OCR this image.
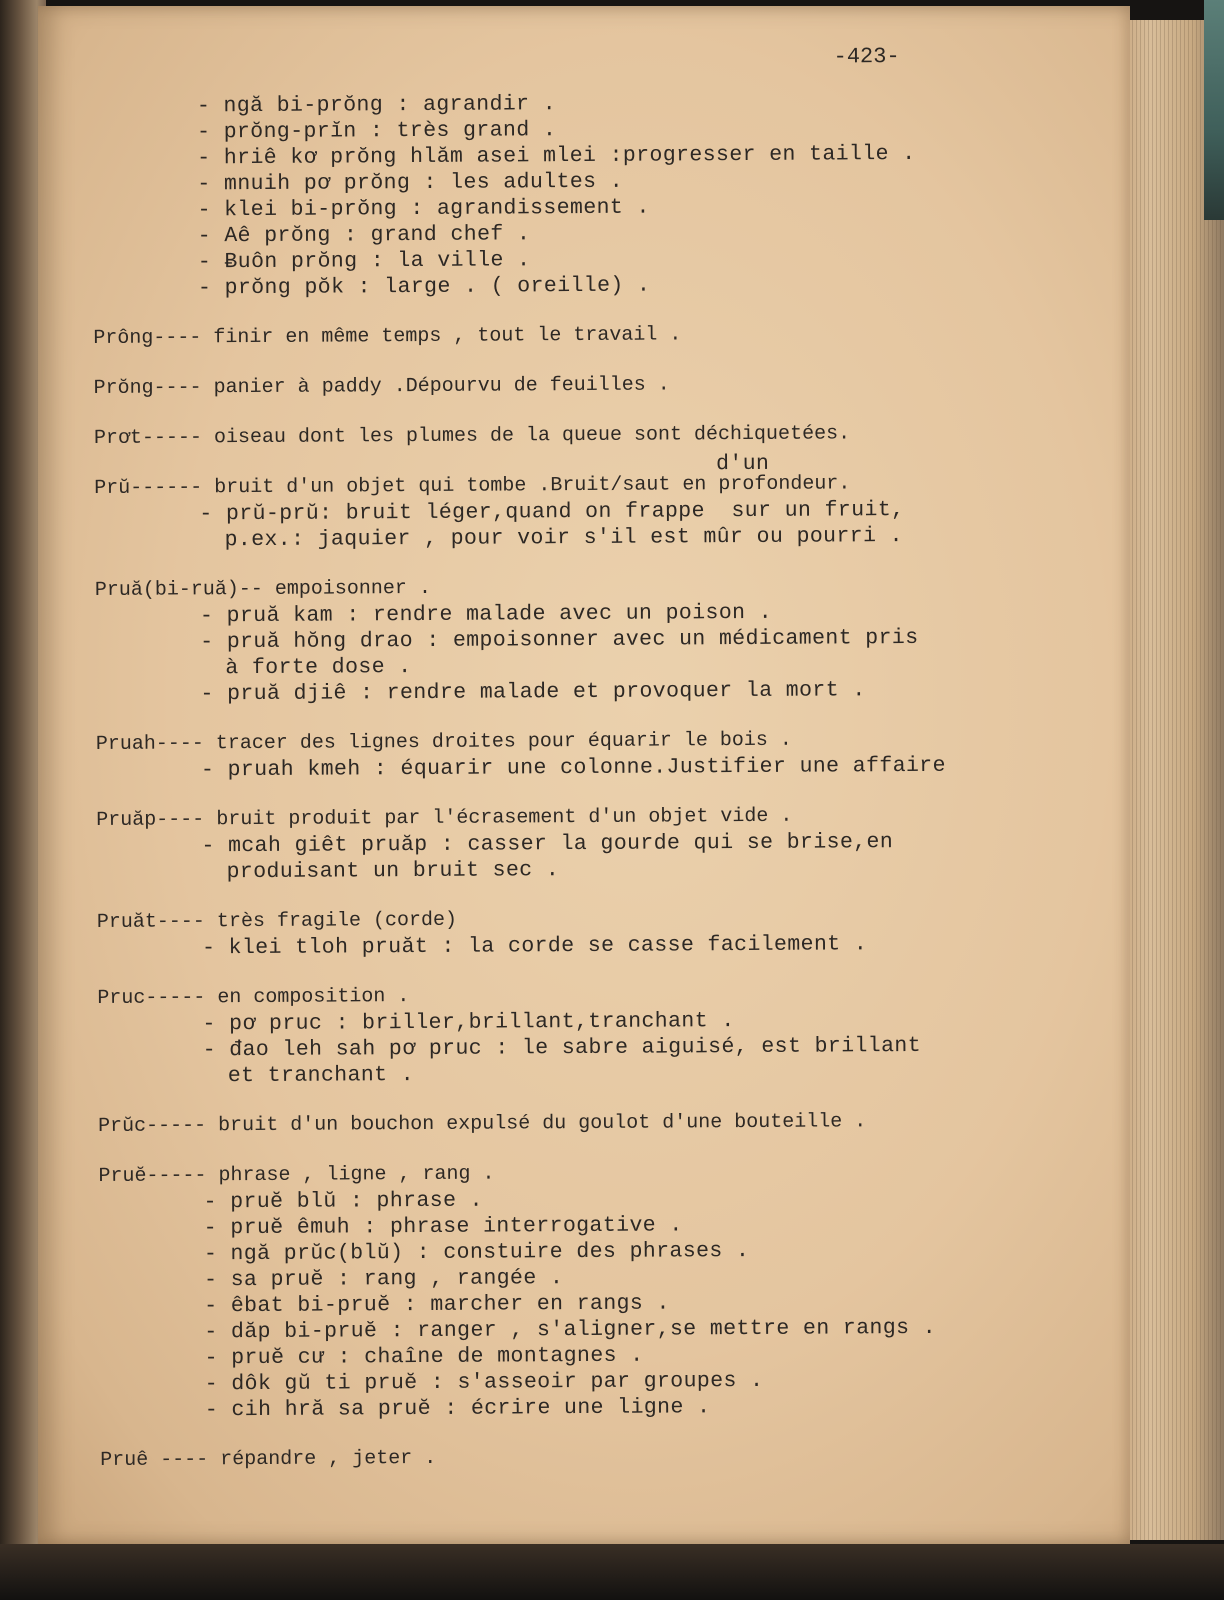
-423-
- ngă bi-prŏng : agrandir .
- prŏng-prĭn : très grand .
- hriê kơ prŏng hlăm asei mlei :progresser en taille .
- mnuih pơ prŏng : les adultes .
- klei bi-prŏng : agrandissement .
- Aê prŏng : grand chef .
- Ƀuôn prŏng : la ville .
- prŏng pŏk : large . ( oreille) .
Prông---- finir en même temps , tout le travail .
Prŏng---- panier à paddy .Dépourvu de feuilles .
Prơt----- oiseau dont les plumes de la queue sont déchiquetées.
d'un
Prŭ------ bruit d'un objet qui tombe .Bruit/saut en profondeur.
- prŭ-prŭ: bruit léger,quand on frappe  sur un fruit,
p.ex.: jaquier , pour voir s'il est mûr ou pourri .
Pruă(bi-ruă)-- empoisonner .
- pruă kam : rendre malade avec un poison .
- pruă hŏng drao : empoisonner avec un médicament pris
à forte dose .
- pruă djiê : rendre malade et provoquer la mort .
Pruah---- tracer des lignes droites pour équarir le bois .
- pruah kmeh : équarir une colonne.Justifier une affaire
Pruăp---- bruit produit par l'écrasement d'un objet vide .
- mcah giêt pruăp : casser la gourde qui se brise,en
produisant un bruit sec .
Pruăt---- très fragile (corde)
- klei tloh pruăt : la corde se casse facilement .
Pruc----- en composition .
- pơ pruc : briller,brillant,tranchant .
- đao leh sah pơ pruc : le sabre aiguisé, est brillant
et tranchant .
Prŭc----- bruit d'un bouchon expulsé du goulot d'une bouteille .
Pruĕ----- phrase , ligne , rang .
- pruĕ blŭ : phrase .
- pruĕ êmuh : phrase interrogative .
- ngă prŭc(blŭ) : constuire des phrases .
- sa pruĕ : rang , rangée .
- êbat bi-pruĕ : marcher en rangs .
- dăp bi-pruĕ : ranger , s'aligner,se mettre en rangs .
- pruĕ cư : chaîne de montagnes .
- dôk gŭ ti pruĕ : s'asseoir par groupes .
- cih hră sa pruĕ : écrire une ligne .
Pruê ---- répandre , jeter .
